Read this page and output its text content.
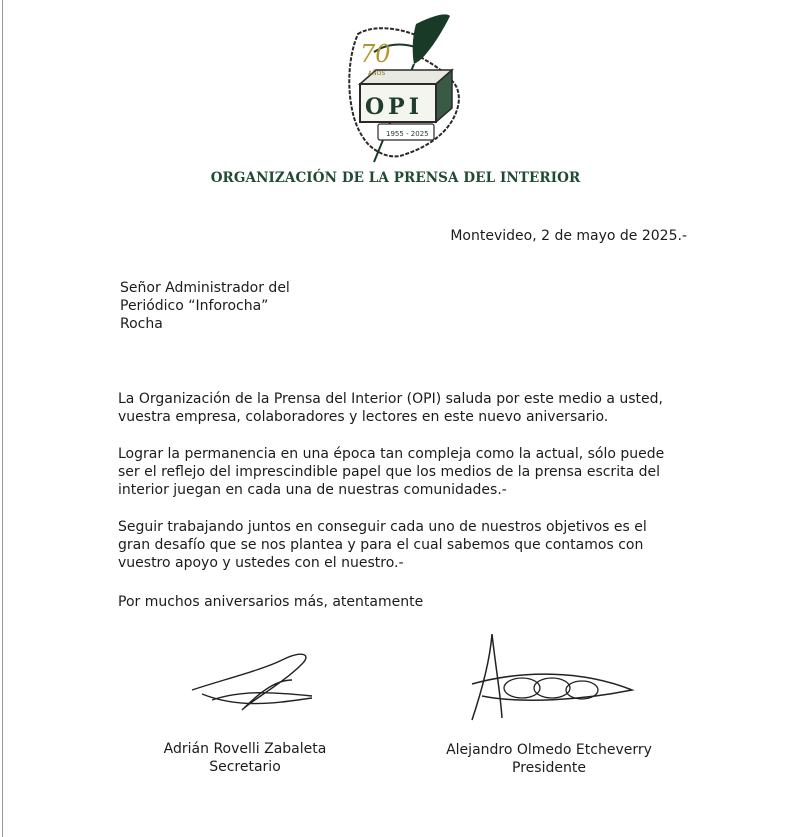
70

AÑOS

OPI

1955 - 2025

ORGANIZACIÓN DE LA PRENSA DEL INTERIOR

Montevideo, 2 de mayo de 2025.-

Señor Administrador del
Periódico “Inforocha”
Rocha
La Organización de la Prensa del Interior (OPI) saluda por este medio a usted,
vuestra empresa, colaboradores y lectores en este nuevo aniversario.
Lograr la permanencia en una época tan compleja como la actual, sólo puede
ser el reflejo del imprescindible papel que los medios de la prensa escrita del
interior juegan en cada una de nuestras comunidades.-
Seguir trabajando juntos en conseguir cada uno de nuestros objetivos es el
gran desafío que se nos plantea y para el cual sabemos que contamos con
vuestro apoyo y ustedes con el nuestro.-

Por muchos aniversarios más, atentamente

Adrián Rovelli Zabaleta
Secretario
Alejandro Olmedo Etcheverry
Presidente
